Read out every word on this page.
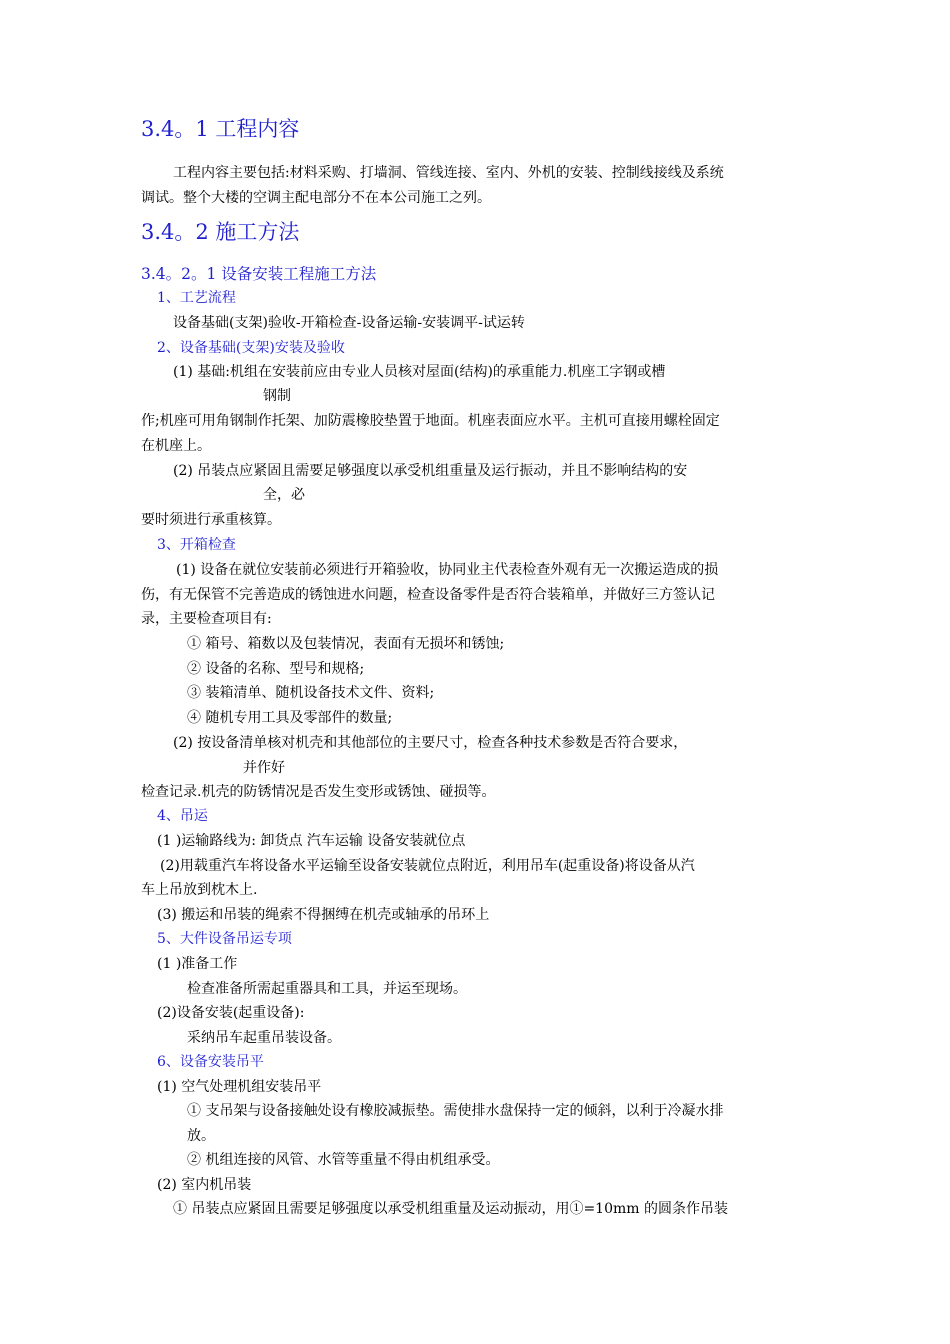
3.4。1 工程内容
工程内容主要包括:材料采购、打墙洞、管线连接、室内、外机的安装、控制线接线及系统
调试。整个大楼的空调主配电部分不在本公司施工之列。
3.4。2 施工方法
3.4。2。1 设备安装工程施工方法
1、工艺流程
设备基础(支架)验收-开箱检查-设备运输-安装调平-试运转
2、设备基础(支架)安装及验收
(1) 基础:机组在安装前应由专业人员核对屋面(结构)的承重能力.机座工字钢或槽
钢制
作;机座可用角钢制作托架、加防震橡胶垫置于地面。机座表面应水平。主机可直接用螺栓固定
在机座上。
(2) 吊装点应紧固且需要足够强度以承受机组重量及运行振动，并且不影响结构的安
全，必
要时须进行承重核算。
3、开箱检查
(1) 设备在就位安装前必须进行开箱验收，协同业主代表检查外观有无一次搬运造成的损
伤，有无保管不完善造成的锈蚀进水问题，检查设备零件是否符合装箱单，并做好三方签认记
录，主要检查项目有:
① 箱号、箱数以及包装情况，表面有无损坏和锈蚀;
② 设备的名称、型号和规格;
③ 装箱清单、随机设备技术文件、资料;
④ 随机专用工具及零部件的数量;
(2) 按设备清单核对机壳和其他部位的主要尺寸，检查各种技术参数是否符合要求，
并作好
检查记录.机壳的防锈情况是否发生变形或锈蚀、碰损等。
4、吊运
(1 )运输路线为: 卸货点 汽车运输 设备安装就位点
(2)用载重汽车将设备水平运输至设备安装就位点附近，利用吊车(起重设备)将设备从汽
车上吊放到枕木上.
(3) 搬运和吊装的绳索不得捆缚在机壳或轴承的吊环上
5、大件设备吊运专项
(1 )准备工作
检查准备所需起重器具和工具，并运至现场。
(2)设备安装(起重设备):
采纳吊车起重吊装设备。
6、设备安装吊平
(1) 空气处理机组安装吊平
① 支吊架与设备接触处设有橡胶减振垫。需使排水盘保持一定的倾斜，以利于冷凝水排
放。
② 机组连接的风管、水管等重量不得由机组承受。
(2) 室内机吊装
① 吊装点应紧固且需要足够强度以承受机组重量及运动振动，用①=10mm 的圆条作吊装
